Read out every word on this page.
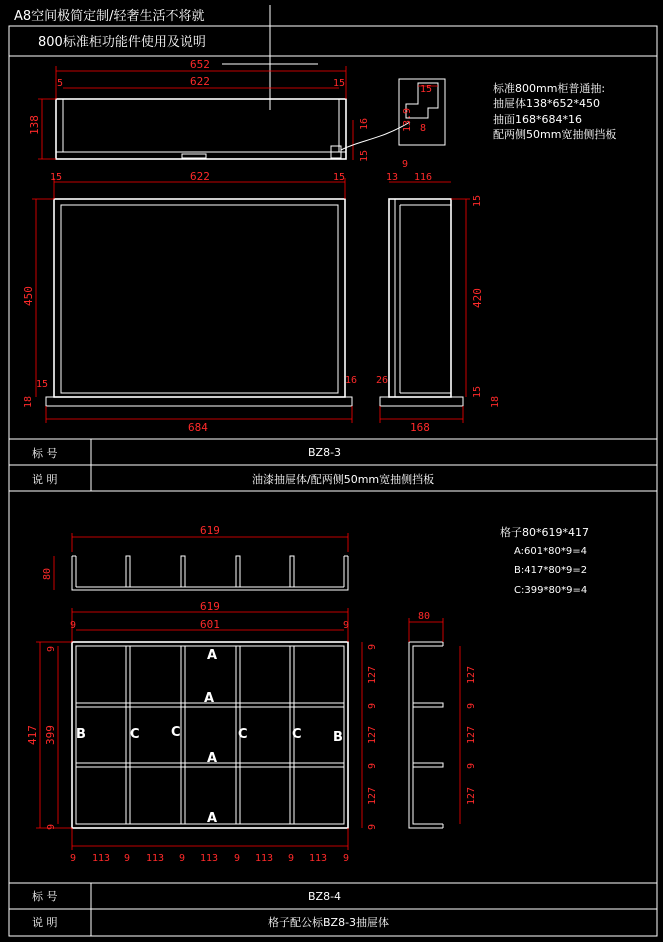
A8空间极简定制/轻奢生活不将就
800标准柜功能件使用及说明
652
622
5	15
138	16
15
15
13.9 8
标准800mm柜普通抽:
抽屉体138*652*450
抽面168*684*16
配两侧50mm宽抽侧挡板
15	622	15
450
15	16
18
684
13 116
9
15
420
26
15
18
168
标 号	BZ8-3
说 明	油漆抽屉体/配两侧50mm宽抽侧挡板
619
80
A
A
A
A
B	B
C C	C	C
619
601
9	9
417 399
9
9
9
127
9
127
9
127
9
9 113 9 113 9 113 9 113 9 113 9
80
127
9
127
9
127
格子80*619*417
A:601*80*9=4
B:417*80*9=2
C:399*80*9=4
标 号	BZ8-4
说 明	格子配公标BZ8-3抽屉体
